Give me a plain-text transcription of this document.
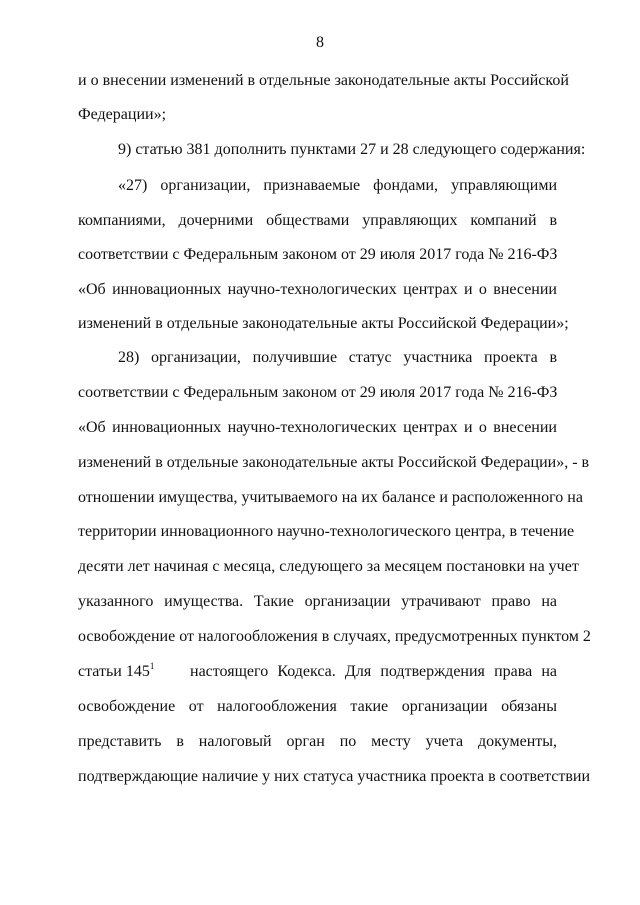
8
и о внесении изменений в отдельные законодательные акты Российской
Федерации»;
9) статью 381 дополнить пунктами 27 и 28 следующего содержания:
«27) организации, признаваемые фондами, управляющими
компаниями, дочерними обществами управляющих компаний в
соответствии с Федеральным законом от 29 июля 2017 года № 216-ФЗ
«Об инновационных научно-технологических центрах и о внесении
изменений в отдельные законодательные акты Российской Федерации»;
28) организации, получившие статус участника проекта в
соответствии с Федеральным законом от 29 июля 2017 года № 216-ФЗ
«Об инновационных научно-технологических центрах и о внесении
изменений в отдельные законодательные акты Российской Федерации», - в
отношении имущества, учитываемого на их балансе и расположенного на
территории инновационного научно-технологического центра, в течение
десяти лет начиная с месяца, следующего за месяцем постановки на учет
указанного имущества. Такие организации утрачивают право на
освобождение от налогообложения в случаях, предусмотренных пунктом 2
статьи $145^1$	настоящего Кодекса. Для подтверждения права на
освобождение от налогообложения такие организации обязаны
представить в налоговый орган по месту учета документы,
подтверждающие наличие у них статуса участника проекта в соответствии
